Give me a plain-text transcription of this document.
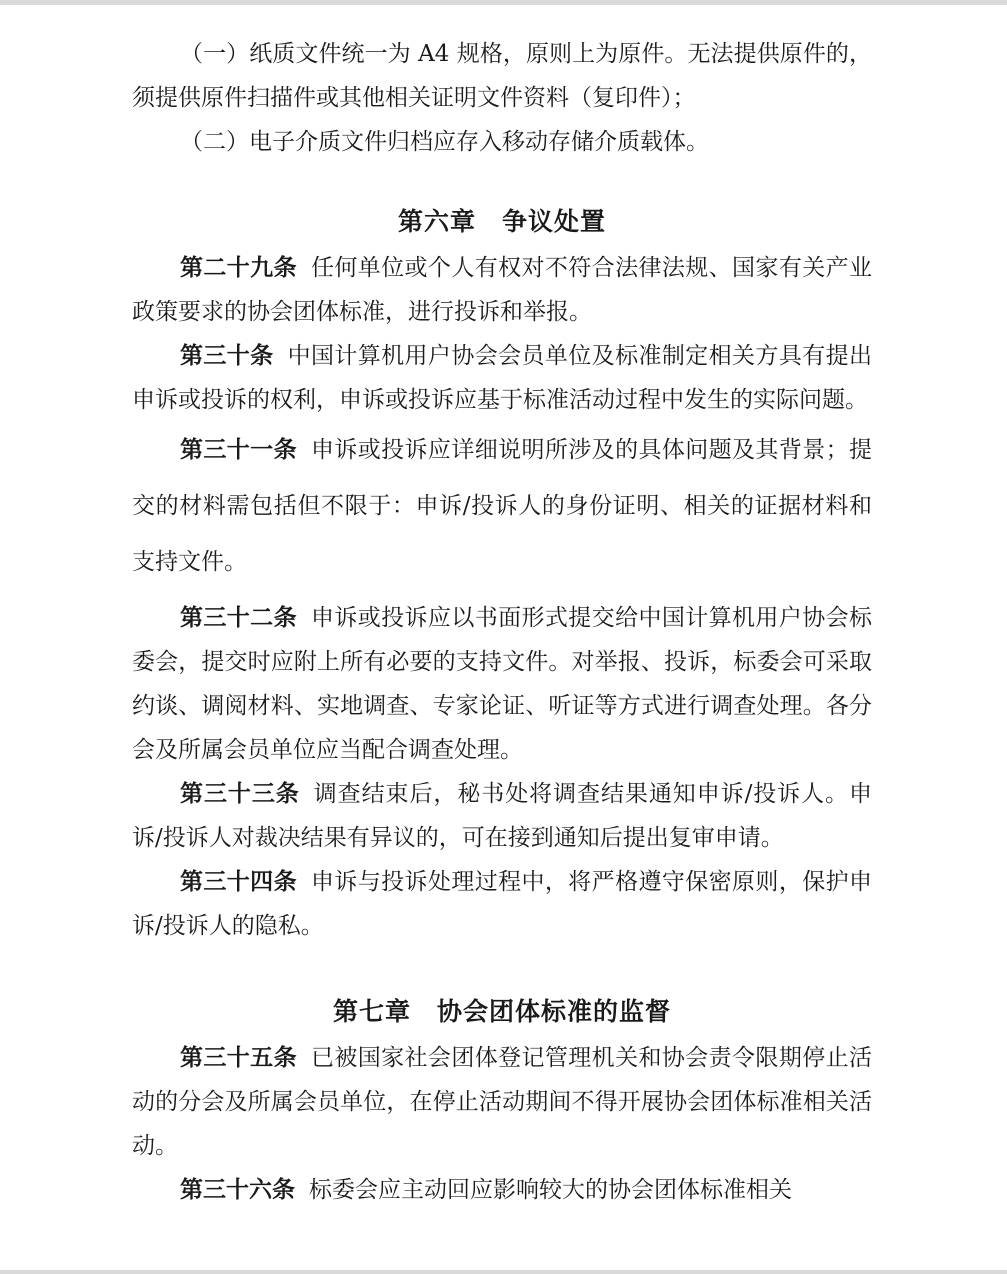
（一）纸质文件统一为 A4 规格，原则上为原件。无法提供原件的，须提供原件扫描件或其他相关证明文件资料（复印件）；

（二）电子介质文件归档应存入移动存储介质载体。

第六章 争议处置

第二十九条 任何单位或个人有权对不符合法律法规、国家有关产业政策要求的协会团体标准，进行投诉和举报。

第三十条 中国计算机用户协会会员单位及标准制定相关方具有提出申诉或投诉的权利，申诉或投诉应基于标准活动过程中发生的实际问题。

第三十一条 申诉或投诉应详细说明所涉及的具体问题及其背景；提交的材料需包括但不限于：申诉/投诉人的身份证明、相关的证据材料和支持文件。

第三十二条 申诉或投诉应以书面形式提交给中国计算机用户协会标委会，提交时应附上所有必要的支持文件。对举报、投诉，标委会可采取约谈、调阅材料、实地调查、专家论证、听证等方式进行调查处理。各分会及所属会员单位应当配合调查处理。

第三十三条 调查结束后，秘书处将调查结果通知申诉/投诉人。申诉/投诉人对裁决结果有异议的，可在接到通知后提出复审申请。

第三十四条 申诉与投诉处理过程中，将严格遵守保密原则，保护申诉/投诉人的隐私。

第七章 协会团体标准的监督

第三十五条 已被国家社会团体登记管理机关和协会责令限期停止活动的分会及所属会员单位，在停止活动期间不得开展协会团体标准相关活动。

第三十六条 标委会应主动回应影响较大的协会团体标准相关
